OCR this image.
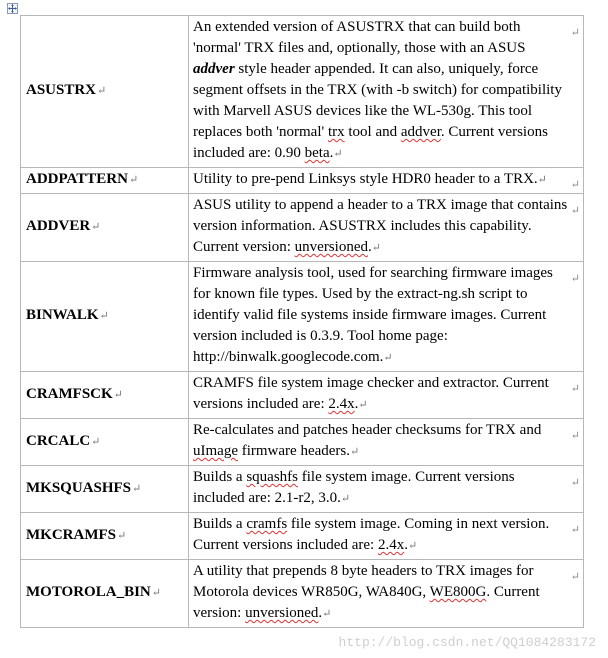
ASUSTRX↵	An extended version of ASUSTRX that can build both 'normal' TRX files and, optionally, those with an ASUS addver style header appended. It can also, uniquely, force segment offsets in the TRX (with -b switch) for compatibility with Marvell ASUS devices like the WL-530g. This tool replaces both 'normal' trx tool and addver. Current versions included are: 0.90 beta.↵
↵

ADDPATTERN↵	Utility to pre-pend Linksys style HDR0 header to a TRX.↵ ↵

ADDVER↵	ASUS utility to append a header to a TRX image that contains version information. ASUSTRX includes this capability. Current version: unversioned.↵
↵

BINWALK↵	Firmware analysis tool, used for searching firmware images for known file types. Used by the extract-ng.sh script to identify valid file systems inside firmware images. Current version included is 0.3.9. Tool home page: http://binwalk.googlecode.com.↵
↵

CRAMFSCK↵	CRAMFS file system image checker and extractor. Current versions included are: 2.4x.↵
↵

CRCALC↵	Re-calculates and patches header checksums for TRX and uImage firmware headers.↵
↵

MKSQUASHFS↵	Builds a squashfs file system image. Current versions included are: 2.1-r2, 3.0.↵
↵

MKCRAMFS↵	Builds a cramfs file system image. Coming in next version. Current versions included are: 2.4x.↵
↵

MOTOROLA_BIN↵	A utility that prepends 8 byte headers to TRX images for Motorola devices WR850G, WA840G, WE800G. Current version: unversioned.↵
↵
http://blog.csdn.net/QQ1084283172
